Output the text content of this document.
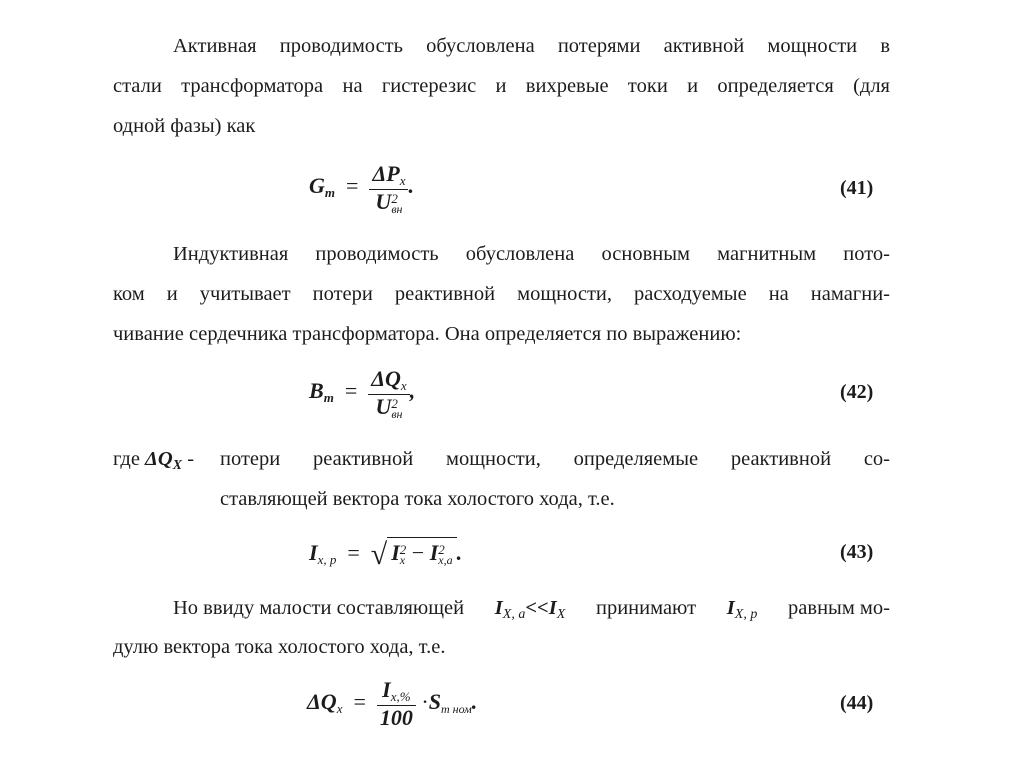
Активная проводимость обусловлена потерями активной мощности в
стали трансформатора на гистерезис и вихревые токи и определяется (для
одной фазы) как
Gm  = ΔPx
U 2
вн .	(41)
Индуктивная проводимость обусловлена основным магнитным пото-
ком и учитывает потери реактивной мощности, расходуемые на намагни-
чивание сердечника трансформатора. Она определяется по выражению:
Bm  = ΔQx
U 2
вн ,	(42)
где ΔQX - потери реактивной мощности, определяемые реактивной со-
ставляющей вектора тока холостого хода, т.е.
Ix, p  =  √ I 2
x − I 2
x,a .	(43)
Но ввиду малости составляющей IX, a<<IX принимают IX, p равным мо-
дулю вектора тока холостого хода, т.е.
$\Delta Qx = \frac{Ix,\%}{100} \cdot Sт$ ном.	(44)
